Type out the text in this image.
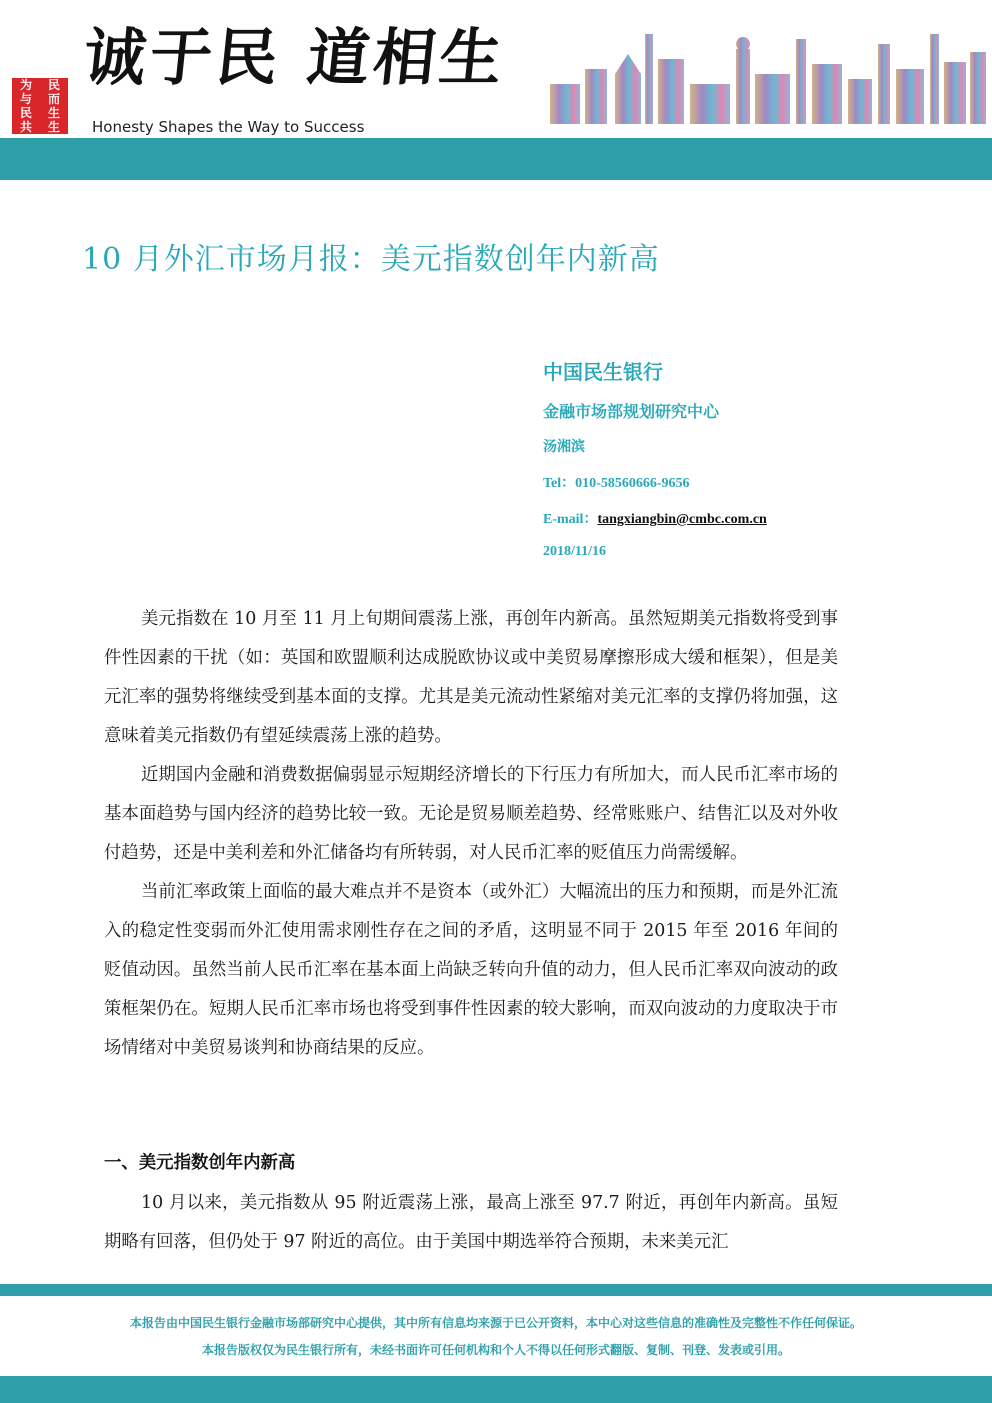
为 民
与 而
民 生
共 生
诚于民 道相生
Honesty Shapes the Way to Success
10 月外汇市场月报：美元指数创年内新高
中国民生银行
金融市场部规划研究中心
汤湘滨
Tel：010-58560666-9656
E-mail：tangxiangbin@cmbc.com.cn
2018/11/16

美元指数在 10 月至 11 月上旬期间震荡上涨，再创年内新高。虽然短期美元指数将受到事件性因素的干扰（如：英国和欧盟顺利达成脱欧协议或中美贸易摩擦形成大缓和框架），但是美元汇率的强势将继续受到基本面的支撑。尤其是美元流动性紧缩对美元汇率的支撑仍将加强，这意味着美元指数仍有望延续震荡上涨的趋势。

近期国内金融和消费数据偏弱显示短期经济增长的下行压力有所加大，而人民币汇率市场的基本面趋势与国内经济的趋势比较一致。无论是贸易顺差趋势、经常账账户、结售汇以及对外收付趋势，还是中美利差和外汇储备均有所转弱，对人民币汇率的贬值压力尚需缓解。

当前汇率政策上面临的最大难点并不是资本（或外汇）大幅流出的压力和预期，而是外汇流入的稳定性变弱而外汇使用需求刚性存在之间的矛盾，这明显不同于 2015 年至 2016 年间的贬值动因。虽然当前人民币汇率在基本面上尚缺乏转向升值的动力，但人民币汇率双向波动的政策框架仍在。短期人民币汇率市场也将受到事件性因素的较大影响，而双向波动的力度取决于市场情绪对中美贸易谈判和协商结果的反应。

一、美元指数创年内新高

10 月以来，美元指数从 95 附近震荡上涨，最高上涨至 97.7 附近，再创年内新高。虽短期略有回落，但仍处于 97 附近的高位。由于美国中期选举符合预期，未来美元汇

本报告由中国民生银行金融市场部研究中心提供，其中所有信息均来源于已公开资料，本中心对这些信息的准确性及完整性不作任何保证。
本报告版权仅为民生银行所有，未经书面许可任何机构和个人不得以任何形式翻版、复制、刊登、发表或引用。
